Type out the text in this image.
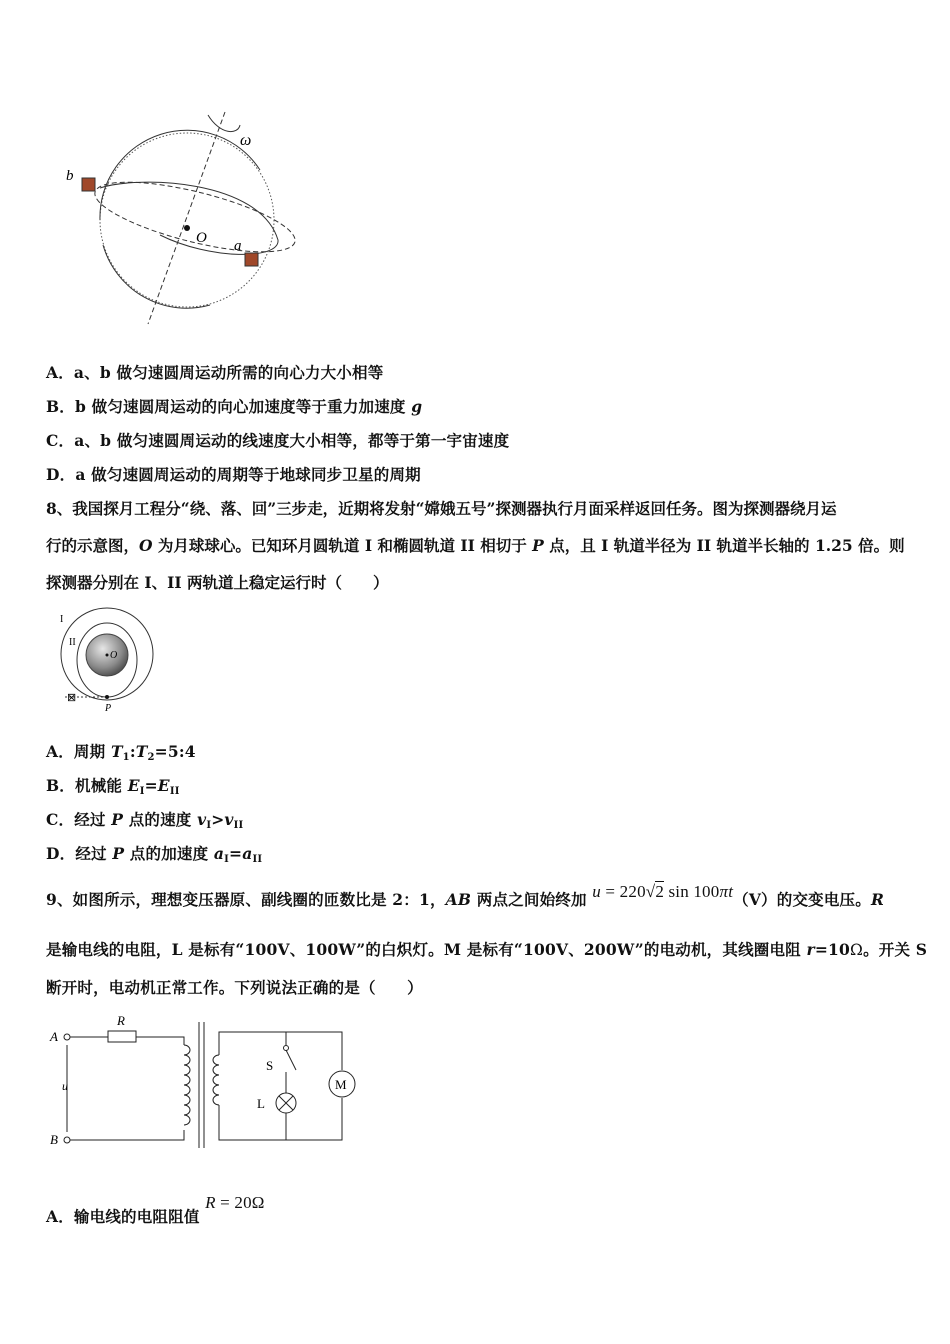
ω
b
O a
A．a、b 做匀速圆周运动所需的向心力大小相等
B．b 做匀速圆周运动的向心加速度等于重力加速度 g
C．a、b 做匀速圆周运动的线速度大小相等，都等于第一宇宙速度
D．a 做匀速圆周运动的周期等于地球同步卫星的周期
8、我国探月工程分“绕、落、回”三步走，近期将发射“嫦娥五号”探测器执行月面采样返回任务。图为探测器绕月运
行的示意图，O 为月球球心。已知环月圆轨道 I 和椭圆轨道 II 相切于 P 点，且 I 轨道半径为 II 轨道半长轴的 1.25 倍。则
探测器分别在 I、II 两轨道上稳定运行时（　　）
⊠
I
II
O
P
A．周期 $T_1:T_2=5:4$
B．机械能 $E_I=E_{II}$
C．经过 P 点的速度 $v_I>v_{II}$
D．经过 P 点的加速度 $a_I=a_{II}$
9、如图所示，理想变压器原、副线圈的匝数比是 2：1，AB 两点之间始终加 u = 220√2 sin 100πt（V）的交变电压。R
是输电线的电阻，L 是标有“100V、100W”的白炽灯。M 是标有“100V、200W”的电动机，其线圈电阻 r=10Ω。开关 S
断开时，电动机正常工作。下列说法正确的是（　　）
A
B
u
R
S
L
M
A．输电线的电阻阻值 R = 20Ω
